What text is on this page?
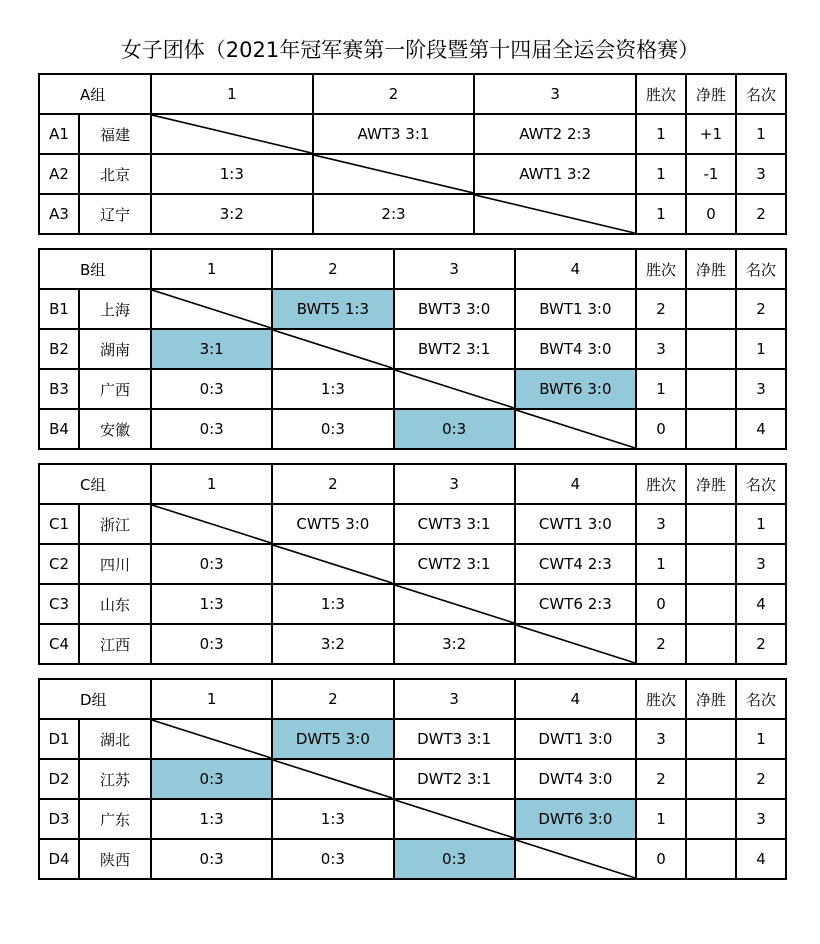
女子团体（2021年冠军赛第一阶段暨第十四届全运会资格赛）
A组		1	2	3	胜次	净胜	名次
A1	福建		AWT3 3:1	AWT2 2:3	1	+1	1
A2	北京	1:3		AWT1 3:2	1	-1	3
A3	辽宁	3:2	2:3		1	0	2
B组		1	2	3	4	胜次	净胜	名次
B1	上海		BWT5 1:3	BWT3 3:0	BWT1 3:0	2		2
B2	湖南	3:1		BWT2 3:1	BWT4 3:0	3		1
B3	广西	0:3	1:3		BWT6 3:0	1		3
B4	安徽	0:3	0:3	0:3		0		4
C组		1	2	3	4	胜次	净胜	名次
C1	浙江		CWT5 3:0	CWT3 3:1	CWT1 3:0	3		1
C2	四川	0:3		CWT2 3:1	CWT4 2:3	1		3
C3	山东	1:3	1:3		CWT6 2:3	0		4
C4	江西	0:3	3:2	3:2		2		2
D组		1	2	3	4	胜次	净胜	名次
D1	湖北		DWT5 3:0	DWT3 3:1	DWT1 3:0	3		1
D2	江苏	0:3		DWT2 3:1	DWT4 3:0	2		2
D3	广东	1:3	1:3		DWT6 3:0	1		3
D4	陕西	0:3	0:3	0:3		0		4
